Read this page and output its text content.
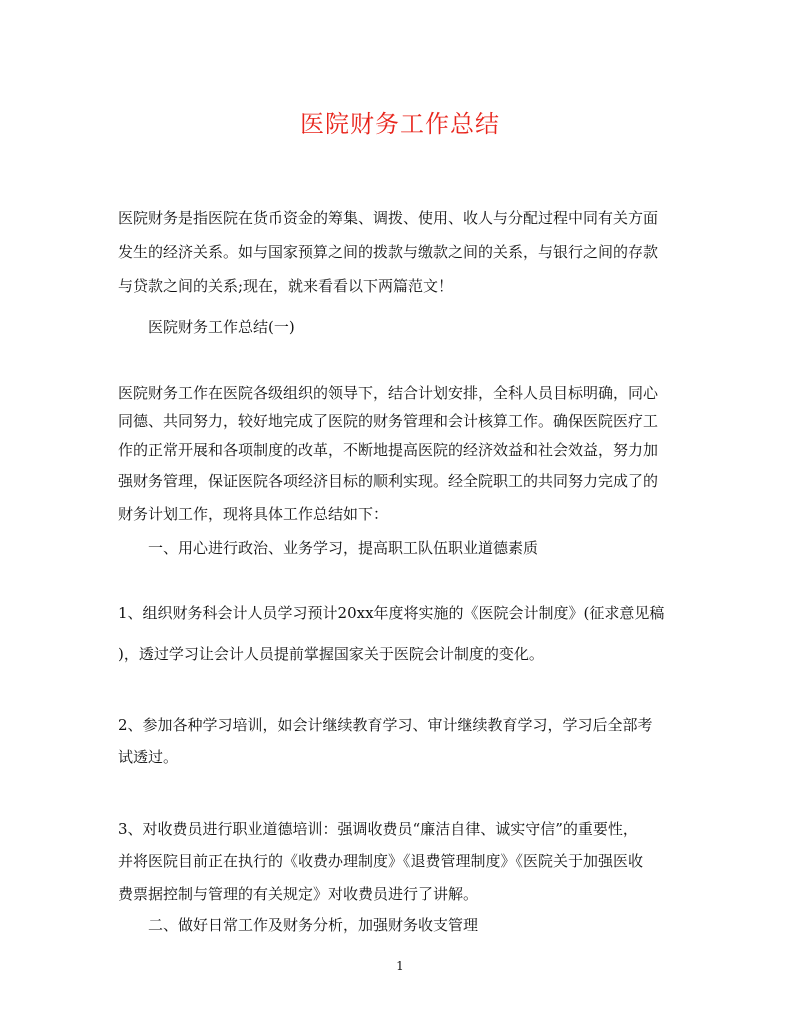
医院财务工作总结
医院财务是指医院在货币资金的筹集、调拨、使用、收人与分配过程中同有关方面
发生的经济关系。如与国家预算之间的拨款与缴款之间的关系，与银行之间的存款
与贷款之间的关系;现在，就来看看以下两篇范文！
医院财务工作总结(一)
医院财务工作在医院各级组织的领导下，结合计划安排，全科人员目标明确，同心
同德、共同努力，较好地完成了医院的财务管理和会计核算工作。确保医院医疗工
作的正常开展和各项制度的改革，不断地提高医院的经济效益和社会效益，努力加
强财务管理，保证医院各项经济目标的顺利实现。经全院职工的共同努力完成了的
财务计划工作，现将具体工作总结如下：
一、用心进行政治、业务学习，提高职工队伍职业道德素质
1、组织财务科会计人员学习预计20xx年度将实施的《医院会计制度》(征求意见稿
)，透过学习让会计人员提前掌握国家关于医院会计制度的变化。
2、参加各种学习培训，如会计继续教育学习、审计继续教育学习，学习后全部考
试透过。
3、对收费员进行职业道德培训：强调收费员“廉洁自律、诚实守信”的重要性，
并将医院目前正在执行的《收费办理制度》《退费管理制度》《医院关于加强医收
费票据控制与管理的有关规定》对收费员进行了讲解。
二、做好日常工作及财务分析，加强财务收支管理
1
